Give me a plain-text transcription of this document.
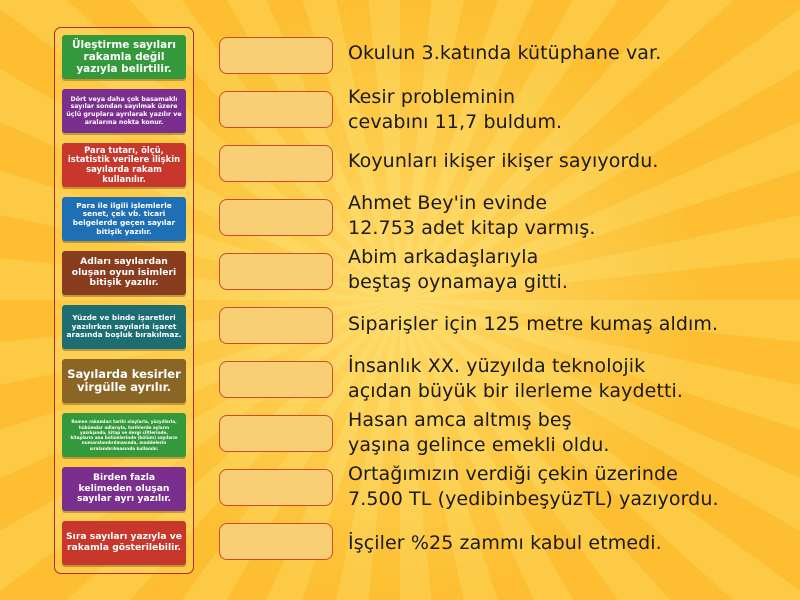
Üleştirme sayıları rakamla değil yazıyla belirtilir.
Dört veya daha çok basamaklı sayılar sondan sayılmak üzere üçlü gruplara ayrılarak yazılır ve aralarına nokta konur.
Para tutarı, ölçü, istatistik verilere ilişkin sayılarda rakam kullanılır.
Para ile ilgili işlemlerle senet, çek vb. ticari belgelerde geçen sayılar bitişik yazılır.
Adları sayılardan oluşan oyun isimleri bitişik yazılır.
Yüzde ve binde işaretleri yazılırken sayılarla işaret arasında boşluk bırakılmaz.
Sayılarda kesirler virgülle ayrılır.
Romen rakamları tarihi olaylarla, yüzyıllarla, hükümdar adlarıyla, tarihlerde ayların yazılışında, kitap ve dergi ciltlerinde, kitapların ana bölümlerinde (bölüm) sayıların numaralandırılmasında, maddelerin sıralandırılmasında kullanılır.
Birden fazla kelimeden oluşan sayılar ayrı yazılır.
Sıra sayıları yazıyla ve rakamla gösterilebilir.
Okulun 3.katında kütüphane var.
Kesir probleminin
cevabını 11,7 buldum.
Koyunları ikişer ikişer sayıyordu.
Ahmet Bey'in evinde
12.753 adet kitap varmış.
Abim arkadaşlarıyla
beştaş oynamaya gitti.
Siparişler için 125 metre kumaş aldım.
İnsanlık XX. yüzyılda teknolojik
açıdan büyük bir ilerleme kaydetti.
Hasan amca altmış beş
yaşına gelince emekli oldu.
Ortağımızın verdiği çekin üzerinde
7.500 TL (yedibinbeşyüzTL) yazıyordu.
İşçiler %25 zammı kabul etmedi.
